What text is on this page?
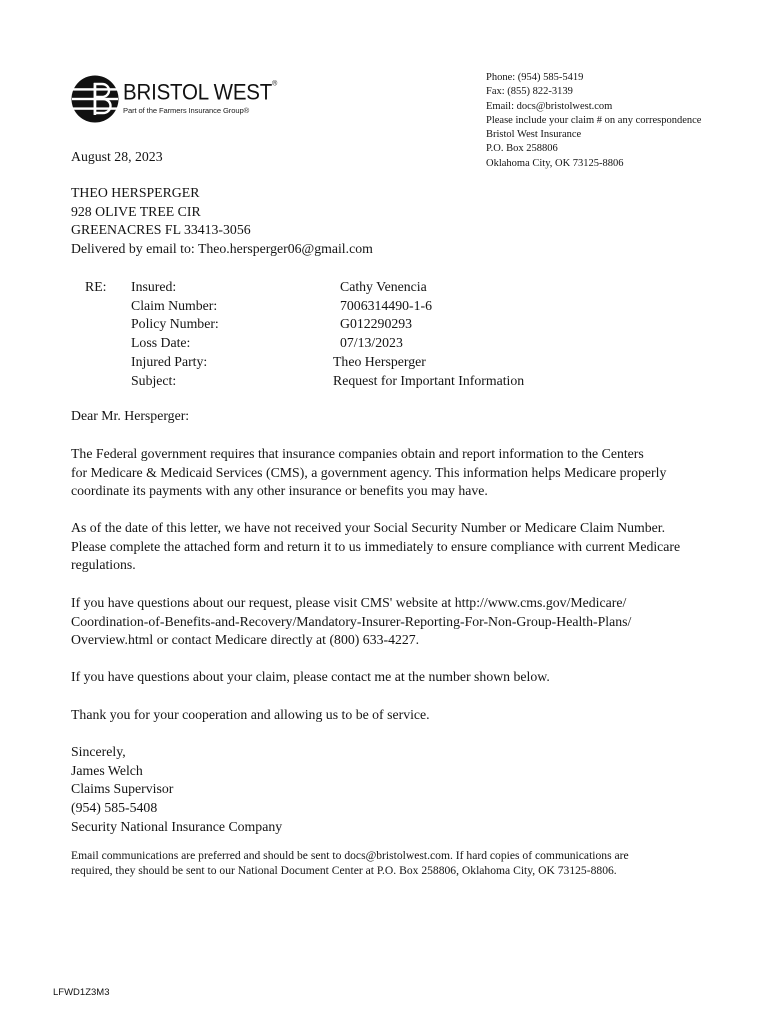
BRISTOL WEST®
Part of the Farmers Insurance Group®
Phone: (954) 585-5419
Fax: (855) 822-3139
Email: docs@bristolwest.com
Please include your claim # on any correspondence
Bristol West Insurance
P.O. Box 258806
Oklahoma City, OK 73125-8806
August 28, 2023
THEO HERSPERGER
928 OLIVE TREE CIR
GREENACRES FL 33413-3056
Delivered by email to: Theo.hersperger06@gmail.com
RE: Insured:
Claim Number:
Policy Number:
Loss Date:
Injured Party:
Subject:
Cathy Venencia
7006314490-1-6
G012290293
07/13/2023
Theo Hersperger
Request for Important Information
Dear Mr. Hersperger:
The Federal government requires that insurance companies obtain and report information to the Centers
for Medicare & Medicaid Services (CMS), a government agency. This information helps Medicare properly
coordinate its payments with any other insurance or benefits you may have.
As of the date of this letter, we have not received your Social Security Number or Medicare Claim Number.
Please complete the attached form and return it to us immediately to ensure compliance with current Medicare
regulations.
If you have questions about our request, please visit CMS' website at http://www.cms.gov/Medicare/
Coordination-of-Benefits-and-Recovery/Mandatory-Insurer-Reporting-For-Non-Group-Health-Plans/
Overview.html or contact Medicare directly at (800) 633-4227.
If you have questions about your claim, please contact me at the number shown below.
Thank you for your cooperation and allowing us to be of service.
Sincerely,
James Welch
Claims Supervisor
(954) 585-5408
Security National Insurance Company
Email communications are preferred and should be sent to docs@bristolwest.com. If hard copies of communications are
required, they should be sent to our National Document Center at P.O. Box 258806, Oklahoma City, OK 73125-8806.
LFWD1Z3M3
